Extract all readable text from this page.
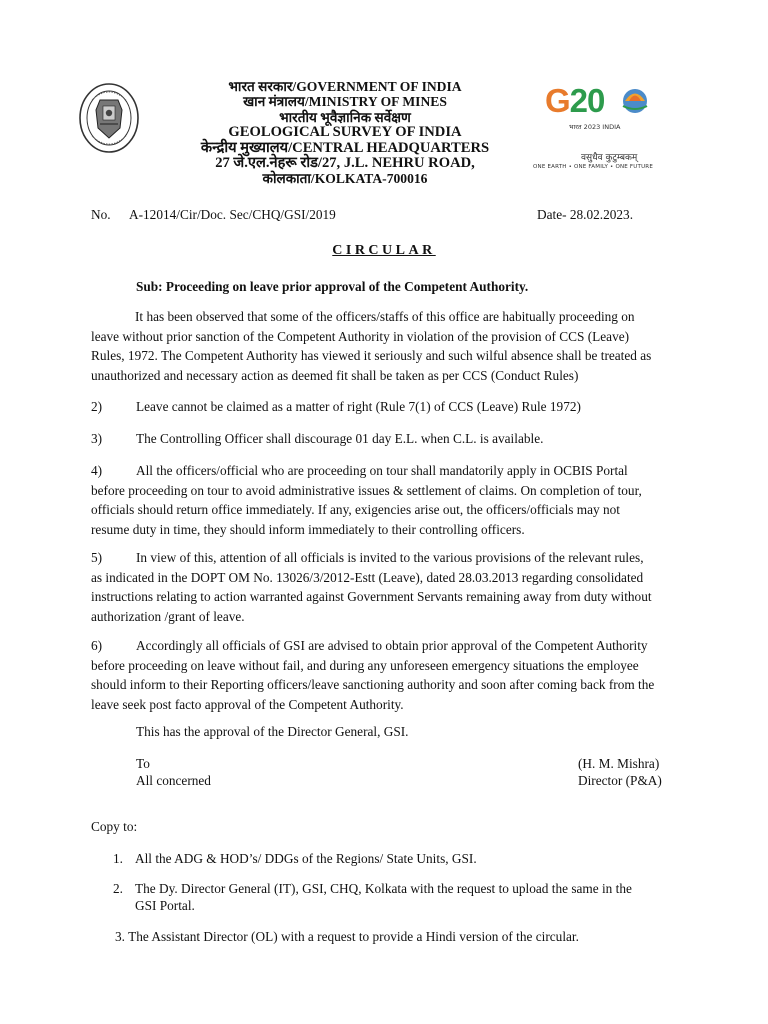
भारत सरकार/GOVERNMENT OF INDIA
खान मंत्रालय/MINISTRY OF MINES
भारतीय भूवैज्ञानिक सर्वेक्षण
GEOLOGICAL SURVEY OF INDIA
केन्द्रीय मुख्यालय/CENTRAL HEADQUARTERS
27 जे.एल.नेहरू रोड/27, J.L. NEHRU ROAD,
कोलकाता/KOLKATA-700016
G20
भारत 2023 INDIA
वसुधैव कुटुम्बकम्
ONE EARTH • ONE FAMILY • ONE FUTURE
No. A-12014/Cir/Doc. Sec/CHQ/GSI/2019	Date- 28.02.2023.
CIRCULAR
Sub: Proceeding on leave prior approval of the Competent Authority.
It has been observed that some of the officers/staffs of this office are habitually proceeding on
leave without prior sanction of the Competent Authority in violation of the provision of CCS (Leave)
Rules, 1972. The Competent Authority has viewed it seriously and such wilful absence shall be treated as
unauthorized and necessary action as deemed fit shall be taken as per CCS (Conduct Rules)
2)	Leave cannot be claimed as a matter of right (Rule 7(1) of CCS (Leave) Rule 1972)
3)	The Controlling Officer shall discourage 01 day E.L. when C.L. is available.
4)	All the officers/official who are proceeding on tour shall mandatorily apply in OCBIS Portal
before proceeding on tour to avoid administrative issues & settlement of claims. On completion of tour,
officials should return office immediately. If any, exigencies arise out, the officers/officials may not
resume duty in time, they should inform immediately to their controlling officers.
5)	In view of this, attention of all officials is invited to the various provisions of the relevant rules,
as indicated in the DOPT OM No. 13026/3/2012-Estt (Leave), dated 28.03.2013 regarding consolidated
instructions relating to action warranted against Government Servants remaining away from duty without
authorization /grant of leave.
6)	Accordingly all officials of GSI are advised to obtain prior approval of the Competent Authority
before proceeding on leave without fail, and during any unforeseen emergency situations the employee
should inform to their Reporting officers/leave sanctioning authority and soon after coming back from the
leave seek post facto approval of the Competent Authority.
This has the approval of the Director General, GSI.
To
All concerned
(H. M. Mishra)
Director (P&A)
Copy to:
1. All the ADG & HOD’s/ DDGs of the Regions/ State Units, GSI.
2. The Dy. Director General (IT), GSI, CHQ, Kolkata with the request to upload the same in the
GSI Portal.
3. The Assistant Director (OL) with a request to provide a Hindi version of the circular.
